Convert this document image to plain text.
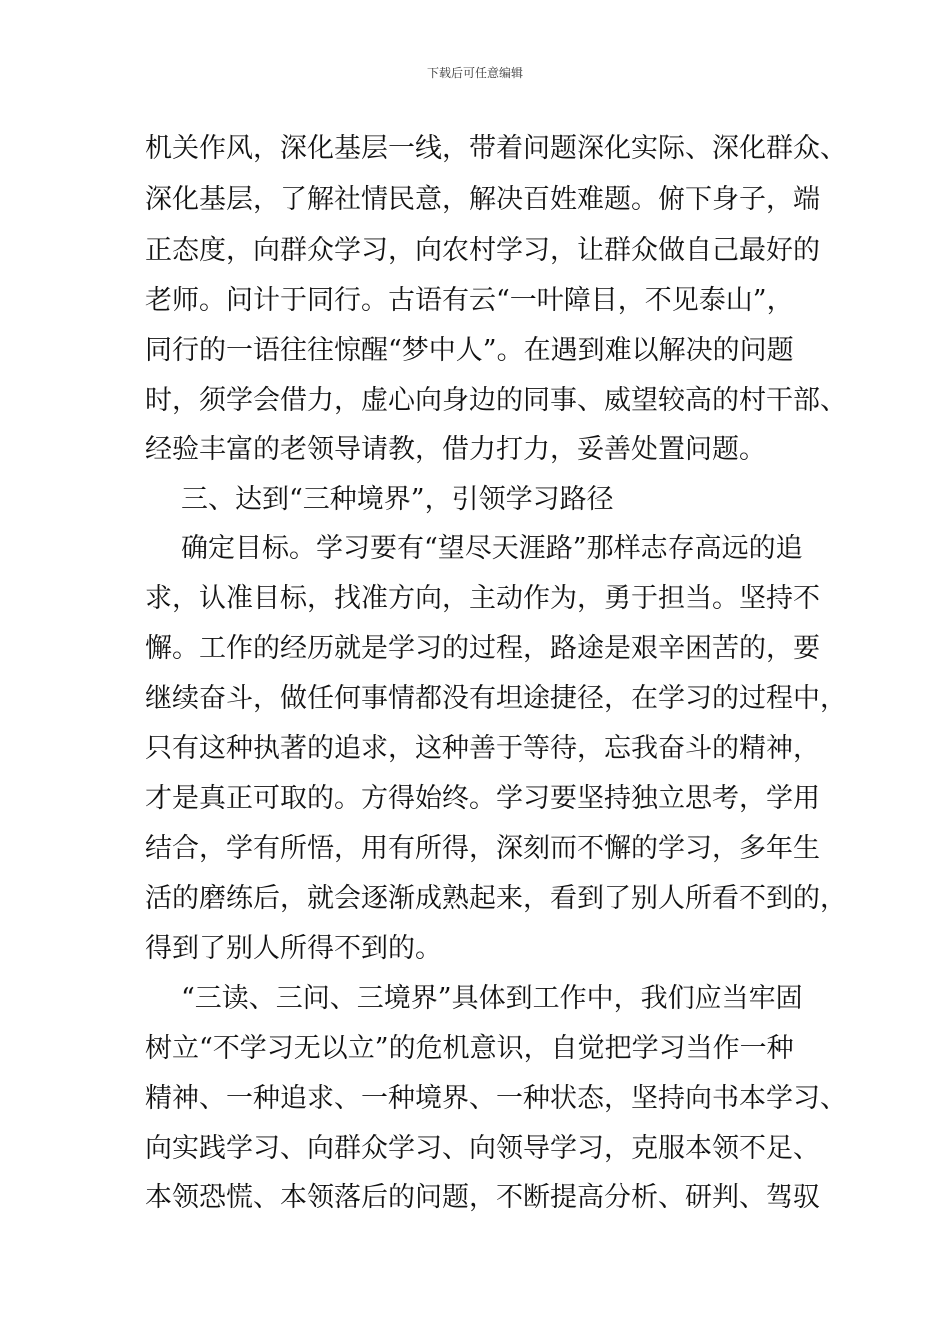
下载后可任意编辑
机关作风，深化基层一线，带着问题深化实际、深化群众、
深化基层，了解社情民意，解决百姓难题。俯下身子，端
正态度，向群众学习，向农村学习，让群众做自己最好的
老师。问计于同行。古语有云“一叶障目，不见泰山”，
同行的一语往往惊醒“梦中人”。在遇到难以解决的问题
时，须学会借力，虚心向身边的同事、威望较高的村干部、
经验丰富的老领导请教，借力打力，妥善处置问题。
三、达到“三种境界”，引领学习路径
确定目标。学习要有“望尽天涯路”那样志存高远的追
求，认准目标，找准方向，主动作为，勇于担当。坚持不
懈。工作的经历就是学习的过程，路途是艰辛困苦的，要
继续奋斗，做任何事情都没有坦途捷径，在学习的过程中，
只有这种执著的追求，这种善于等待，忘我奋斗的精神，
才是真正可取的。方得始终。学习要坚持独立思考，学用
结合，学有所悟，用有所得，深刻而不懈的学习，多年生
活的磨练后，就会逐渐成熟起来，看到了别人所看不到的，
得到了别人所得不到的。
“三读、三问、三境界”具体到工作中，我们应当牢固
树立“不学习无以立”的危机意识，自觉把学习当作一种
精神、一种追求、一种境界、一种状态，坚持向书本学习、
向实践学习、向群众学习、向领导学习，克服本领不足、
本领恐慌、本领落后的问题，不断提高分析、研判、驾驭
